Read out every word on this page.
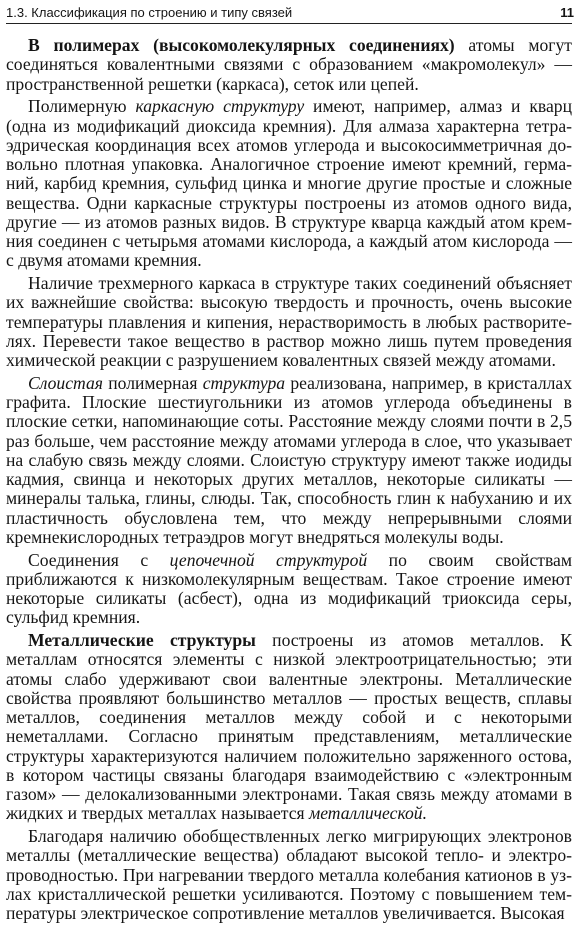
1.3. Классификация по строению и типу связей	11

В полимерах (высокомолекулярных соединениях) атомы могут соединяться ковалентными связями с образованием «макромолекул» — пространственной решетки (каркаса), сеток или цепей.

Полимерную каркасную структуру имеют, например, алмаз и кварц (одна из модификаций диоксида кремния). Для алмаза характерна тетраэдрическая координация всех атомов углерода и высокосимметричная довольно плотная упаковка. Аналогичное строение имеют кремний, германий, карбид кремния, сульфид цинка и многие другие простые и сложные вещества. Одни каркасные структуры построены из атомов одного вида, другие — из атомов разных видов. В структуре кварца каждый атом кремния соединен с четырьмя атомами кислорода, а каждый атом кислорода — с двумя атомами кремния.

Наличие трехмерного каркаса в структуре таких соединений объясняет их важнейшие свойства: высокую твердость и прочность, очень высокие температуры плавления и кипения, нерастворимость в любых растворителях. Перевести такое вещество в раствор можно лишь путем проведения химической реакции с разрушением ковалентных связей между атомами.

Слоистая полимерная структура реализована, например, в кристаллах графита. Плоские шестиугольники из атомов углерода объединены в плоские сетки, напоминающие соты. Расстояние между слоями почти в 2,5 раз больше, чем расстояние между атомами углерода в слое, что указывает на слабую связь между слоями. Слоистую структуру имеют также иодиды кадмия, свинца и некоторых других металлов, некоторые силикаты — минералы талька, глины, слюды. Так, способность глин к набуханию и их пластичность обусловлена тем, что между непрерывными слоями кремнекислородных тетраэдров могут внедряться молекулы воды.

Соединения с цепочечной структурой по своим свойствам приближаются к низкомолекулярным веществам. Такое строение имеют некоторые силикаты (асбест), одна из модификаций триоксида серы, сульфид кремния.

Металлические структуры построены из атомов металлов. К металлам относятся элементы с низкой электроотрицательностью; эти атомы слабо удерживают свои валентные электроны. Металлические свойства проявляют большинство металлов — простых веществ, сплавы металлов, соединения металлов между собой и с некоторыми неметаллами. Согласно принятым представлениям, металлические структуры характеризуются наличием положительно заряженного остова, в котором частицы связаны благодаря взаимодействию с «электронным газом» — делокализованными электронами. Такая связь между атомами в жидких и твердых металлах называется металлической.

Благодаря наличию обобществленных легко мигрирующих электронов металлы (металлические вещества) обладают высокой тепло- и электропроводностью. При нагревании твердого металла колебания катионов в узлах кристаллической решетки усиливаются. Поэтому с повышением температуры электрическое сопротивление металлов увеличивается. Высокая
